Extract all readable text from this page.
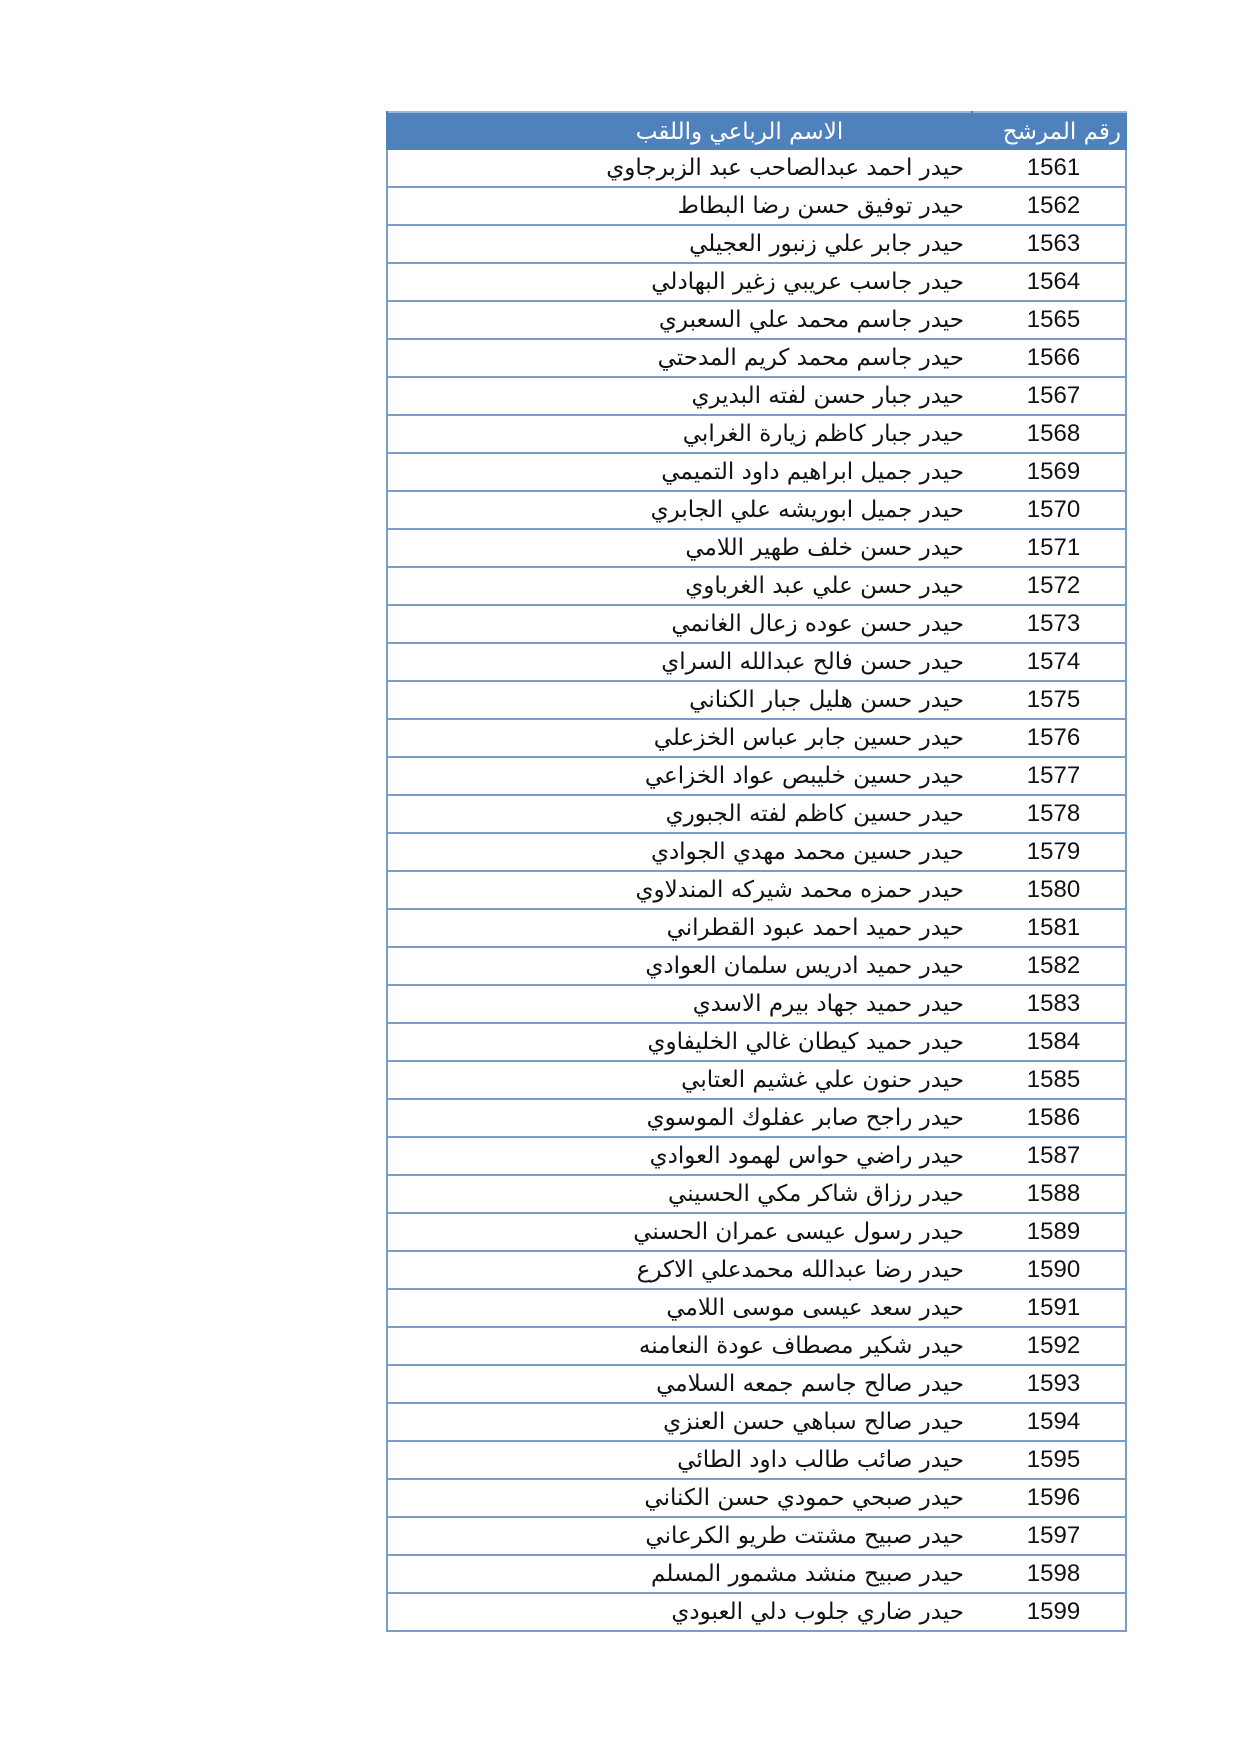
رقم المرشح	الاسم الرباعي واللقب
1561	حيدر احمد عبدالصاحب عبد الزبرجاوي
1562	حيدر توفيق حسن رضا البطاط
1563	حيدر جابر علي زنبور العجيلي
1564	حيدر جاسب عريبي زغير البهادلي
1565	حيدر جاسم محمد علي السعبري
1566	حيدر جاسم محمد كريم المدحتي
1567	حيدر جبار حسن لفته البديري
1568	حيدر جبار كاظم زيارة الغرابي
1569	حيدر جميل ابراهيم داود التميمي
1570	حيدر جميل ابوريشه علي الجابري
1571	حيدر حسن خلف طهير اللامي
1572	حيدر حسن علي عبد الغرباوي
1573	حيدر حسن عوده زعال الغانمي
1574	حيدر حسن فالح عبدالله السراي
1575	حيدر حسن هليل جبار الكناني
1576	حيدر حسين جابر عباس الخزعلي
1577	حيدر حسين خليبص عواد الخزاعي
1578	حيدر حسين كاظم لفته الجبوري
1579	حيدر حسين محمد مهدي الجوادي
1580	حيدر حمزه محمد شيركه المندلاوي
1581	حيدر حميد احمد عبود القطراني
1582	حيدر حميد ادريس سلمان العوادي
1583	حيدر حميد جهاد بيرم الاسدي
1584	حيدر حميد كيطان غالي الخليفاوي
1585	حيدر حنون علي غشيم العتابي
1586	حيدر راجح صابر عفلوك الموسوي
1587	حيدر راضي حواس لهمود العوادي
1588	حيدر رزاق شاكر مكي الحسيني
1589	حيدر رسول عيسى عمران الحسني
1590	حيدر رضا عبدالله محمدعلي الاكرع
1591	حيدر سعد عيسى موسى اللامي
1592	حيدر شكير مصطاف عودة النعامنه
1593	حيدر صالح جاسم جمعه السلامي
1594	حيدر صالح سباهي حسن العنزي
1595	حيدر صائب طالب داود الطائي
1596	حيدر صبحي حمودي حسن الكناني
1597	حيدر صبيح مشتت طريو الكرعاني
1598	حيدر صبيح منشد مشمور المسلم
1599	حيدر ضاري جلوب دلي العبودي
